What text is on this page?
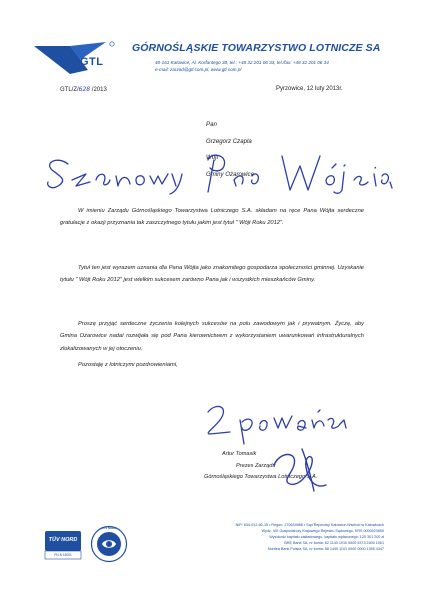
GTL
GÓRNOŚLĄSKIE TOWARZYSTWO LOTNICZE SA
40-161 Katowice, Al. Korfantego 38, tel.: +48 32 201 06 33, tel./fax: +48 32 201 06 34
e-mail: zarzad@gtl.com.pl, www.gtl.com.pl
GTL/Z/628 /2013	Pyrzowice, 12 luty 2013r.
Pan
Grzegorz Czapla
Wójt
Gminy Ożarowice
W imieniu Zarządu Górnośląskiego Towarzystwa Lotniczego S.A. składam na ręce Pana Wójta serdeczne gratulacje z okazji przyznania tak zaszczytnego tytułu jakim jest tytuł " Wójt Roku 2012".
Tytuł ten jest wyrazem uznania dla Pana Wójta jako znakomitego gospodarza społeczności gminnej. Uzyskanie tytułu " Wójt Roku 2012" jest wielkim sukcesem zarówno Pana jak i wszystkich mieszkańców Gminy.
Proszę przyjąć serdeczne życzenia kolejnych sukcesów na polu zawodowym jak i prywatnym. Życzę, aby Gmina Ożarowice nadal rozwijała się pod Pana kierownictwem z wykorzystaniem uwarunkowań infrastrukturalnych zlokalizowanych w jej otoczeniu.
Pozostaję z lotniczymi pozdrowieniami,
Artur Tomasik
Prezes Zarządu
Górnośląskiego Towarzystwa Lotniczego S.A.
TÜV NORD
PN-N 18001
TÜV NORD
NIP: 634-012-60-15 • Regon: 270634988 • Sąd Rejonowy Katowice-Wschód w Katowicach
Wydz. VIII Gospodarczy Krajowego Rejestru Sądowego, KRS 0000023650
Wysokość kapitału zakładowego, kapitału wpłaconego: 125 301 200 zł
BRE Bank SA, nr konta: 62 1140 1010 0000 5373 2400 1001
Nordea Bank Polska SA, nr konta: 58 1440 1101 0000 0000 1355 4347
